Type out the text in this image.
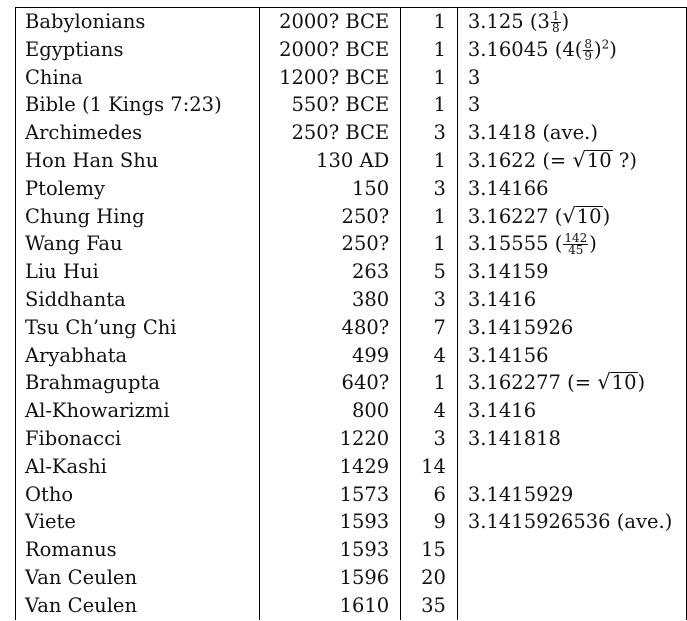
Babylonians	2000? BCE	1	3.125 ($3 \frac{1}{8}$ )
Egyptians	2000? BCE	1	3.16045 $(4( \frac{8}{9} )^2)$
China	1200? BCE	1	3
Bible (1 Kings 7:23)	550? BCE	1	3
Archimedes	250? BCE	3	3.1418 (ave.)
Hon Han Shu	130 AD	1	3.1622 (= √10 ?)
Ptolemy	150	3	3.14166
Chung Hing	250?	1	3.16227 (√10)
Wang Fau	250?	1	3.15555 ( $\frac{142}{45}$ )
Liu Hui	263	5	3.14159
Siddhanta	380	3	3.1416
Tsu Ch’ung Chi	480?	7	3.1415926
Aryabhata	499	4	3.14156
Brahmagupta	640?	1	3.162277 (= √10)
Al-Khowarizmi	800	4	3.1416
Fibonacci	1220	3	3.141818
Al-Kashi	1429	14	
Otho	1573	6	3.1415929
Viete	1593	9	3.1415926536 (ave.)
Romanus	1593	15	
Van Ceulen	1596	20	
Van Ceulen	1610	35	
